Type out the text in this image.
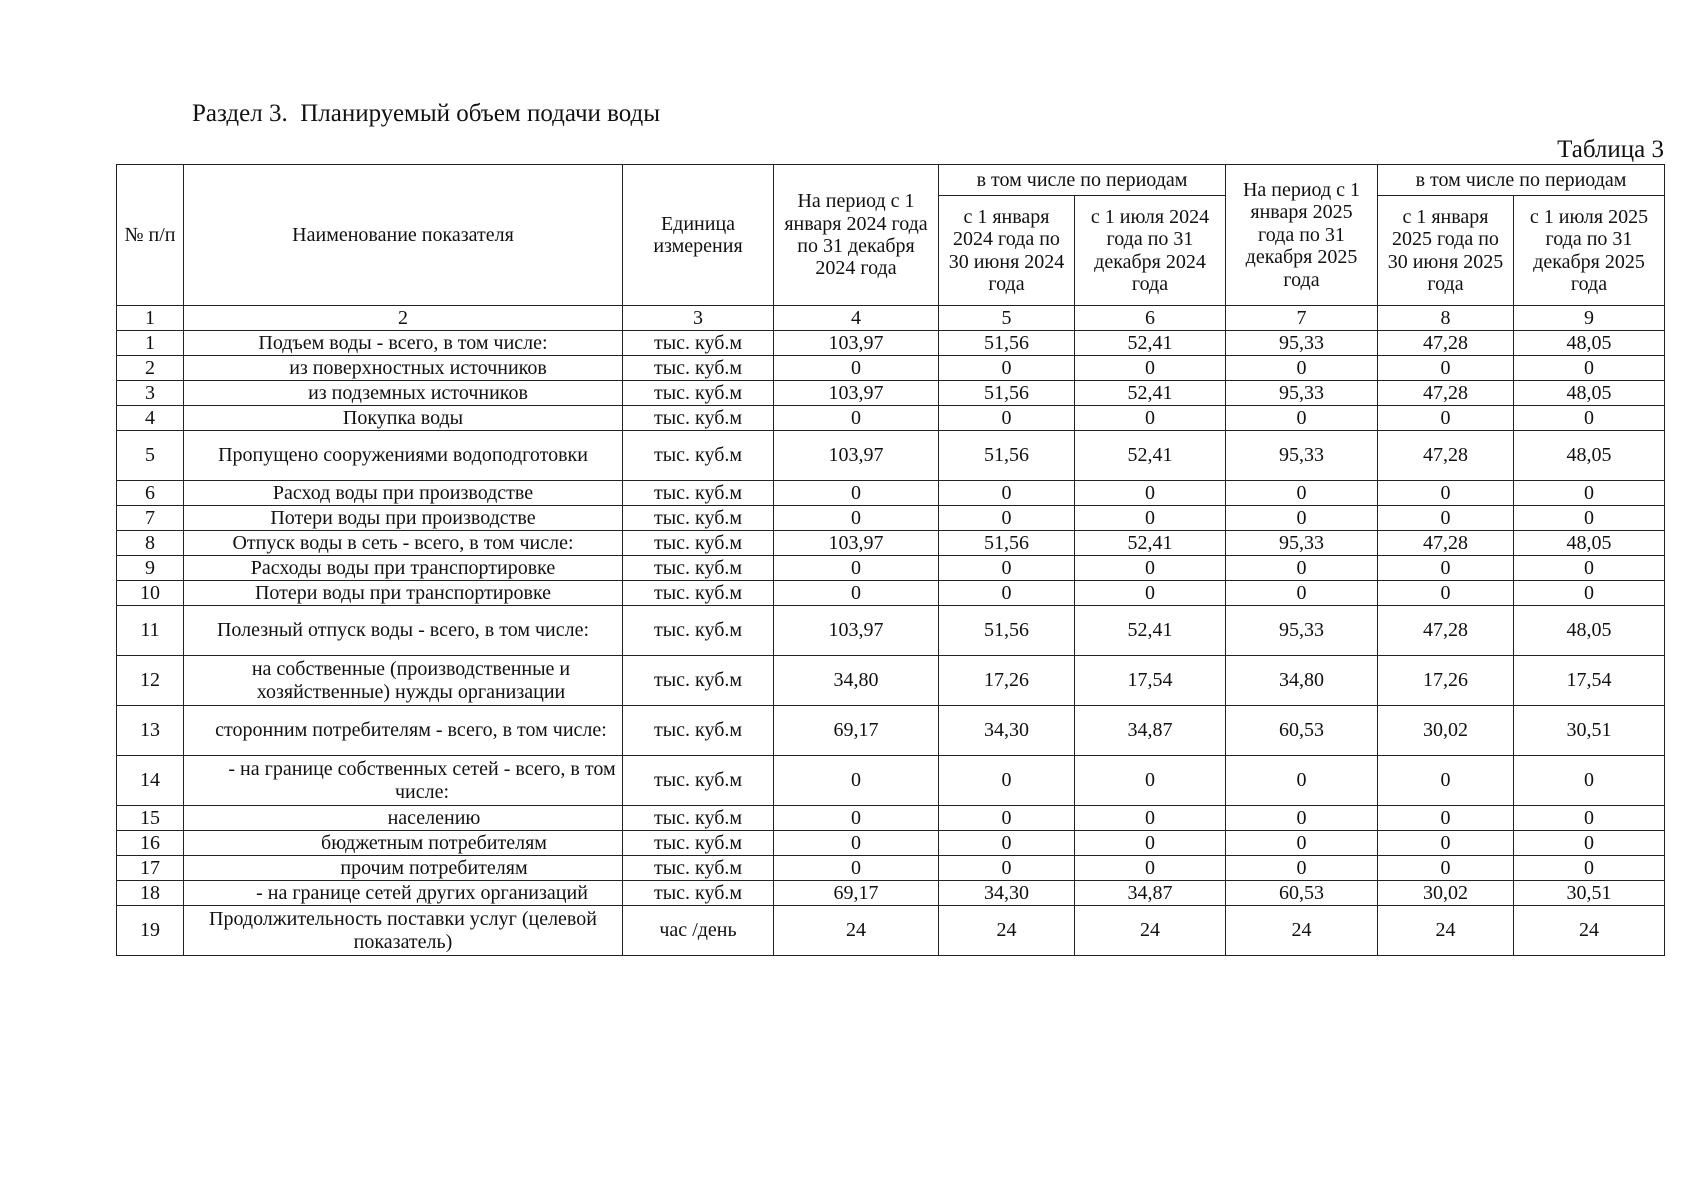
Раздел 3.  Планируемый объем подачи воды
Таблица 3
№ п/п	Наименование показателя	Единица измерения	На период с 1 января 2024 года по 31 декабря 2024 года	в том числе по периодам		На период с 1 января 2025 года по 31 декабря 2025 года	в том числе по периодам	
				с 1 января 2024 года по 30 июня 2024 года	с 1 июля 2024 года по 31 декабря 2024 года		с 1 января 2025 года по 30 июня 2025 года	с 1 июля 2025 года по 31 декабря 2025 года
1	2	3	4	5	6	7	8	9
1	Подъем воды - всего, в том числе:	тыс. куб.м	103,97	51,56	52,41	95,33	47,28	48,05
2	из поверхностных источников	тыс. куб.м	0	0	0	0	0	0
3	из подземных источников	тыс. куб.м	103,97	51,56	52,41	95,33	47,28	48,05
4	Покупка воды	тыс. куб.м	0	0	0	0	0	0
5	Пропущено сооружениями водоподготовки	тыс. куб.м	103,97	51,56	52,41	95,33	47,28	48,05
6	Расход воды при производстве	тыс. куб.м	0	0	0	0	0	0
7	Потери воды при производстве	тыс. куб.м	0	0	0	0	0	0
8	Отпуск воды в сеть - всего, в том числе:	тыс. куб.м	103,97	51,56	52,41	95,33	47,28	48,05
9	Расходы воды при транспортировке	тыс. куб.м	0	0	0	0	0	0
10	Потери воды при транспортировке	тыс. куб.м	0	0	0	0	0	0
11	Полезный отпуск воды - всего, в том числе:	тыс. куб.м	103,97	51,56	52,41	95,33	47,28	48,05
12	на собственные (производственные и хозяйственные) нужды организации	тыс. куб.м	34,80	17,26	17,54	34,80	17,26	17,54
13	сторонним потребителям - всего, в том числе:	тыс. куб.м	69,17	34,30	34,87	60,53	30,02	30,51
14	- на границе собственных сетей - всего, в том числе:	тыс. куб.м	0	0	0	0	0	0
15	населению	тыс. куб.м	0	0	0	0	0	0
16	бюджетным потребителям	тыс. куб.м	0	0	0	0	0	0
17	прочим потребителям	тыс. куб.м	0	0	0	0	0	0
18	- на границе сетей других организаций	тыс. куб.м	69,17	34,30	34,87	60,53	30,02	30,51
19	Продолжительность поставки услуг (целевой показатель)	час /день	24	24	24	24	24	24
